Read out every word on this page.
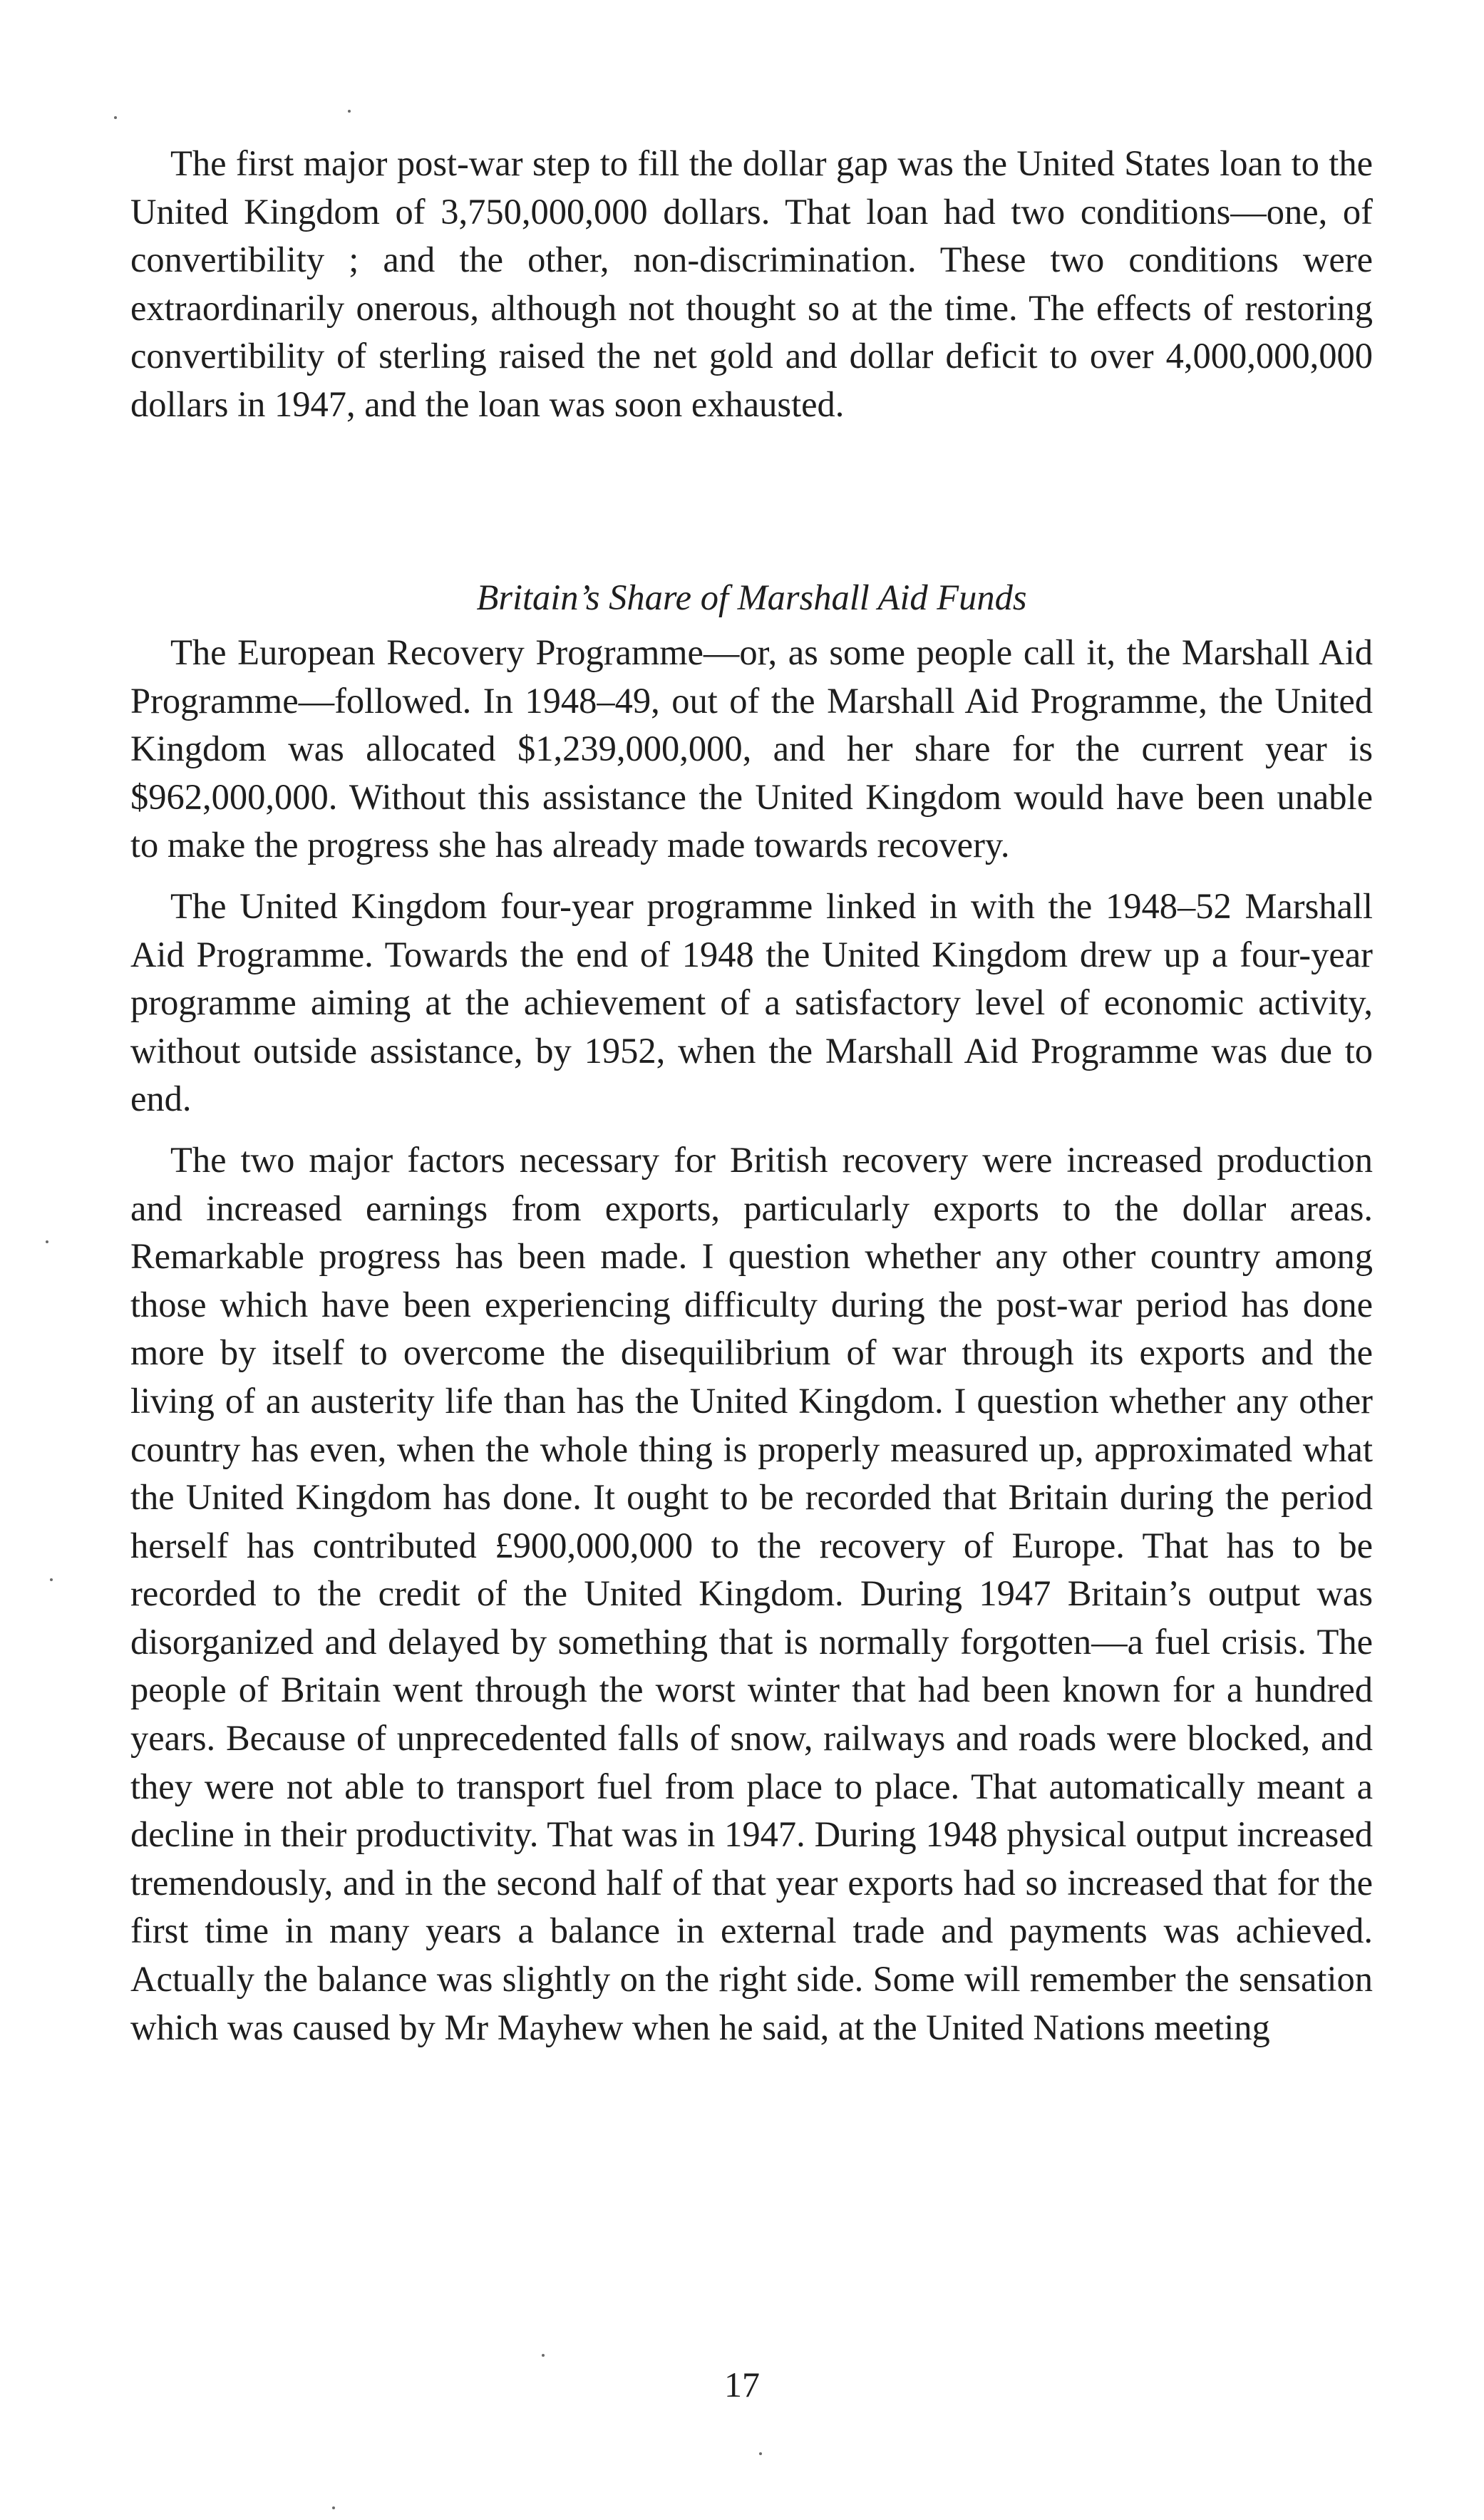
The first major post-war step to fill the dollar gap was the United States loan to the United Kingdom of 3,750,000,000 dollars. That loan had two conditions—one, of convertibility ; and the other, non-discrimination. These two conditions were extraordinarily onerous, although not thought so at the time. The effects of restoring convertibility of sterling raised the net gold and dollar deficit to over 4,000,000,000 dollars in 1947, and the loan was soon exhausted.

Britain’s Share of Marshall Aid Funds

The European Recovery Programme—or, as some people call it, the Marshall Aid Programme—followed. In 1948–49, out of the Marshall Aid Programme, the United Kingdom was allocated $1,239,000,000, and her share for the current year is $962,000,000. Without this assistance the United Kingdom would have been unable to make the progress she has already made towards recovery.

The United Kingdom four-year programme linked in with the 1948–52 Marshall Aid Programme. Towards the end of 1948 the United Kingdom drew up a four-year programme aiming at the achievement of a satisfactory level of economic activity, without outside assistance, by 1952, when the Marshall Aid Programme was due to end.

The two major factors necessary for British recovery were increased production and increased earnings from exports, particularly exports to the dollar areas. Remarkable progress has been made. I question whether any other country among those which have been experiencing difficulty during the post-war period has done more by itself to overcome the disequilibrium of war through its exports and the living of an austerity life than has the United Kingdom. I question whether any other country has even, when the whole thing is properly measured up, approximated what the United Kingdom has done. It ought to be recorded that Britain during the period herself has contributed £900,000,000 to the recovery of Europe. That has to be recorded to the credit of the United Kingdom. During 1947 Britain’s output was disorganized and delayed by something that is normally forgotten—a fuel crisis. The people of Britain went through the worst winter that had been known for a hundred years. Because of unprecedented falls of snow, railways and roads were blocked, and they were not able to transport fuel from place to place. That automatically meant a decline in their productivity. That was in 1947. During 1948 physical output increased tremendously, and in the second half of that year exports had so increased that for the first time in many years a balance in external trade and payments was achieved. Actually the balance was slightly on the right side. Some will remember the sensation which was caused by Mr Mayhew when he said, at the United Nations meeting

17
